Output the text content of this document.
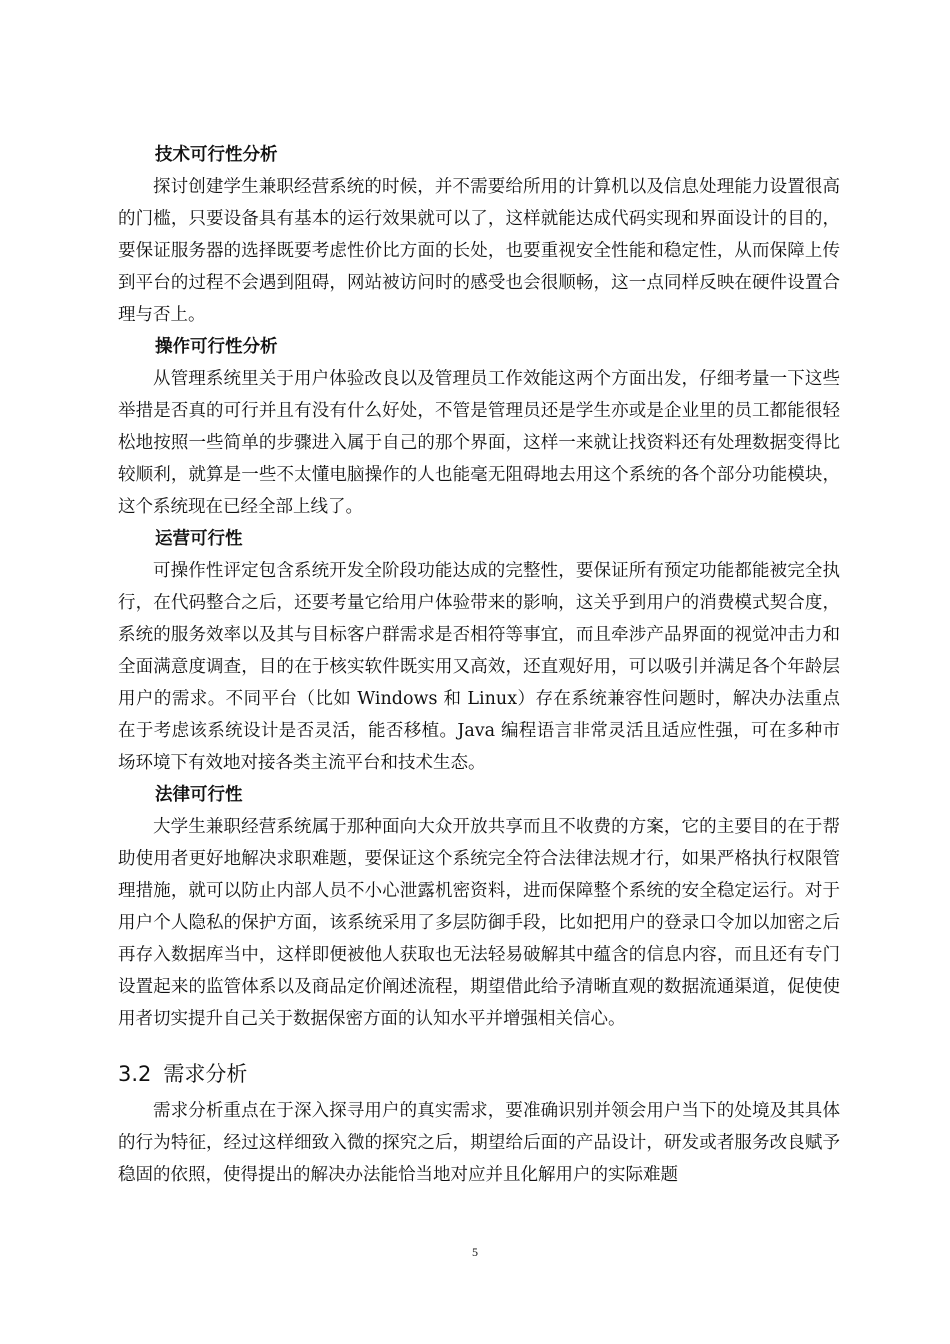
技术可行性分析

探讨创建学生兼职经营系统的时候，并不需要给所用的计算机以及信息处理能力设置很高的门槛，只要设备具有基本的运行效果就可以了，这样就能达成代码实现和界面设计的目的，要保证服务器的选择既要考虑性价比方面的长处，也要重视安全性能和稳定性，从而保障上传到平台的过程不会遇到阻碍，网站被访问时的感受也会很顺畅，这一点同样反映在硬件设置合理与否上。

操作可行性分析

从管理系统里关于用户体验改良以及管理员工作效能这两个方面出发，仔细考量一下这些举措是否真的可行并且有没有什么好处，不管是管理员还是学生亦或是企业里的员工都能很轻松地按照一些简单的步骤进入属于自己的那个界面，这样一来就让找资料还有处理数据变得比较顺利，就算是一些不太懂电脑操作的人也能毫无阻碍地去用这个系统的各个部分功能模块，这个系统现在已经全部上线了。

运营可行性

可操作性评定包含系统开发全阶段功能达成的完整性，要保证所有预定功能都能被完全执行，在代码整合之后，还要考量它给用户体验带来的影响，这关乎到用户的消费模式契合度，系统的服务效率以及其与目标客户群需求是否相符等事宜，而且牵涉产品界面的视觉冲击力和全面满意度调查，目的在于核实软件既实用又高效，还直观好用，可以吸引并满足各个年龄层用户的需求。不同平台（比如 Windows 和 Linux）存在系统兼容性问题时，解决办法重点在于考虑该系统设计是否灵活，能否移植。Java 编程语言非常灵活且适应性强，可在多种市场环境下有效地对接各类主流平台和技术生态。

法律可行性

大学生兼职经营系统属于那种面向大众开放共享而且不收费的方案，它的主要目的在于帮助使用者更好地解决求职难题，要保证这个系统完全符合法律法规才行，如果严格执行权限管理措施，就可以防止内部人员不小心泄露机密资料，进而保障整个系统的安全稳定运行。对于用户个人隐私的保护方面，该系统采用了多层防御手段，比如把用户的登录口令加以加密之后再存入数据库当中，这样即便被他人获取也无法轻易破解其中蕴含的信息内容，而且还有专门设置起来的监管体系以及商品定价阐述流程，期望借此给予清晰直观的数据流通渠道，促使使用者切实提升自己关于数据保密方面的认知水平并增强相关信心。

3.2 需求分析

需求分析重点在于深入探寻用户的真实需求，要准确识别并领会用户当下的处境及其具体的行为特征，经过这样细致入微的探究之后，期望给后面的产品设计，研发或者服务改良赋予稳固的依照，使得提出的解决办法能恰当地对应并且化解用户的实际难题

5
